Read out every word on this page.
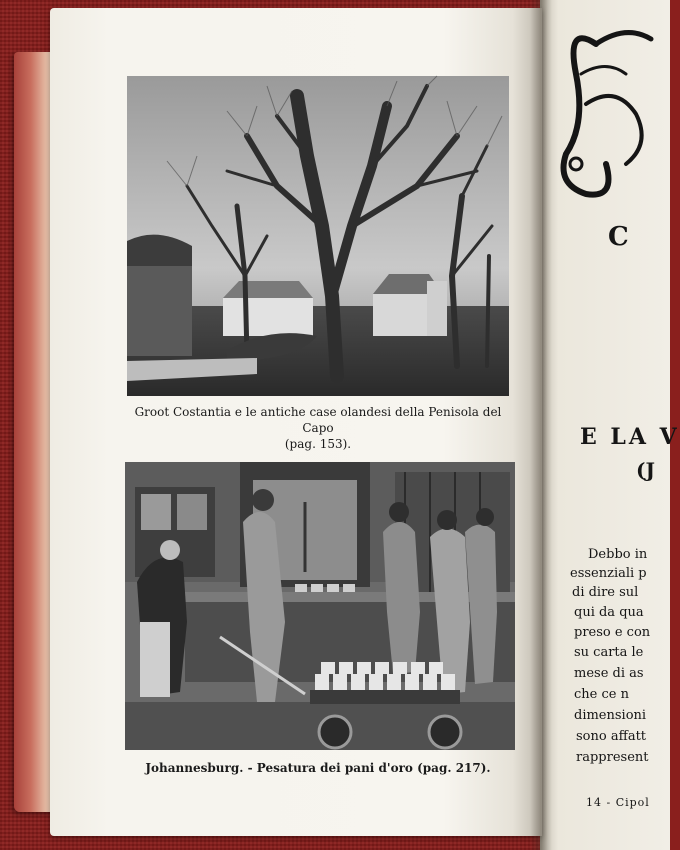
Groot Costantia e le antiche case olandesi della Penisola del Capo
(pag. 153).
Johannesburg. - Pesatura dei pani d'oro (pag. 217).
C
E LA V
(J
Debbo in
essenziali p
di dire sul
qui da qua
preso e con
su carta le
mese di as
che ce n
dimensioni
sono affatt
rappresent
14 - Cipol
